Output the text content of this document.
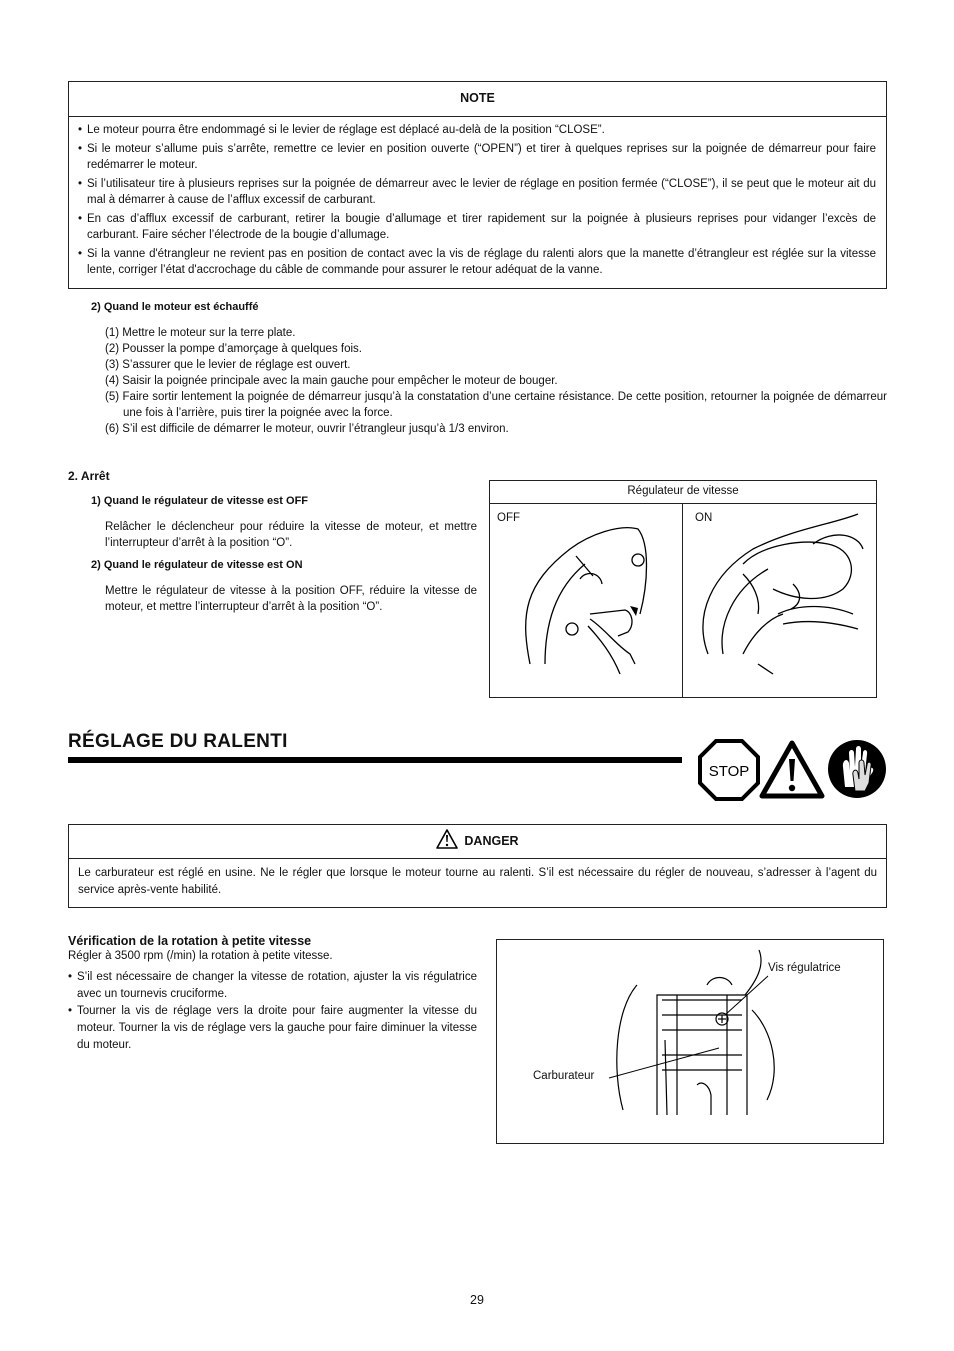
NOTE
• Le moteur pourra être endommagé si le levier de réglage est déplacé au-delà de la position “CLOSE”.
• Si le moteur s’allume puis s’arrête, remettre ce levier en position ouverte (“OPEN”) et tirer à quelques reprises sur la poignée de démarreur pour faire redémarrer le moteur.
• Si l’utilisateur tire à plusieurs reprises sur la poignée de démarreur avec le levier de réglage en position fermée (“CLOSE”), il se peut que le moteur ait du mal à démarrer à cause de l’afflux excessif de carburant.
• En cas d’afflux excessif de carburant, retirer la bougie d’allumage et tirer rapidement sur la poignée à plusieurs reprises pour vidanger l’excès de carburant. Faire sécher l’électrode de la bougie d’allumage.
• Si la vanne d'étrangleur ne revient pas en position de contact avec la vis de réglage du ralenti alors que la manette d’étrangleur est réglée sur la vitesse lente, corriger l’état d'accrochage du câble de commande pour assurer le retour adéquat de la vanne.
2) Quand le moteur est échauffé
(1) Mettre le moteur sur la terre plate.
(2) Pousser la pompe d’amorçage à quelques fois.
(3) S’assurer que le levier de réglage est ouvert.
(4) Saisir la poignée principale avec la main gauche pour empêcher le moteur de bouger.
(5) Faire sortir lentement la poignée de démarreur jusqu’à la constatation d’une certaine résistance. De cette position, retourner la poignée de démarreur une fois à l’arrière, puis tirer la poignée avec la force.
(6) S’il est difficile de démarrer le moteur, ouvrir l’étrangleur jusqu’à 1/3 environ.
2. Arrêt
1) Quand le régulateur de vitesse est OFF
Relâcher le déclencheur pour réduire la vitesse de moteur, et mettre l’interrupteur d’arrêt à la position “O”.
2) Quand le régulateur de vitesse est ON
Mettre le régulateur de vitesse à la position OFF, réduire la vitesse de moteur, et mettre l’interrupteur d’arrêt à la position “O”.
Régulateur de vitesse
OFF	ON
RÉGLAGE DU RALENTI
STOP
DANGER
Le carburateur est réglé en usine. Ne le régler que lorsque le moteur tourne au ralenti. S’il est nécessaire du régler de nouveau, s’adresser à l’agent du service après-vente habilité.
Vérification de la rotation à petite vitesse
Régler à 3500 rpm (/min) la rotation à petite vitesse.
• S’il est nécessaire de changer la vitesse de rotation, ajuster la vis régulatrice avec un tournevis cruciforme.
• Tourner la vis de réglage vers la droite pour faire augmenter la vitesse du moteur. Tourner la vis de réglage vers la gauche pour faire diminuer la vitesse du moteur.
Vis régulatrice
Carburateur
29
